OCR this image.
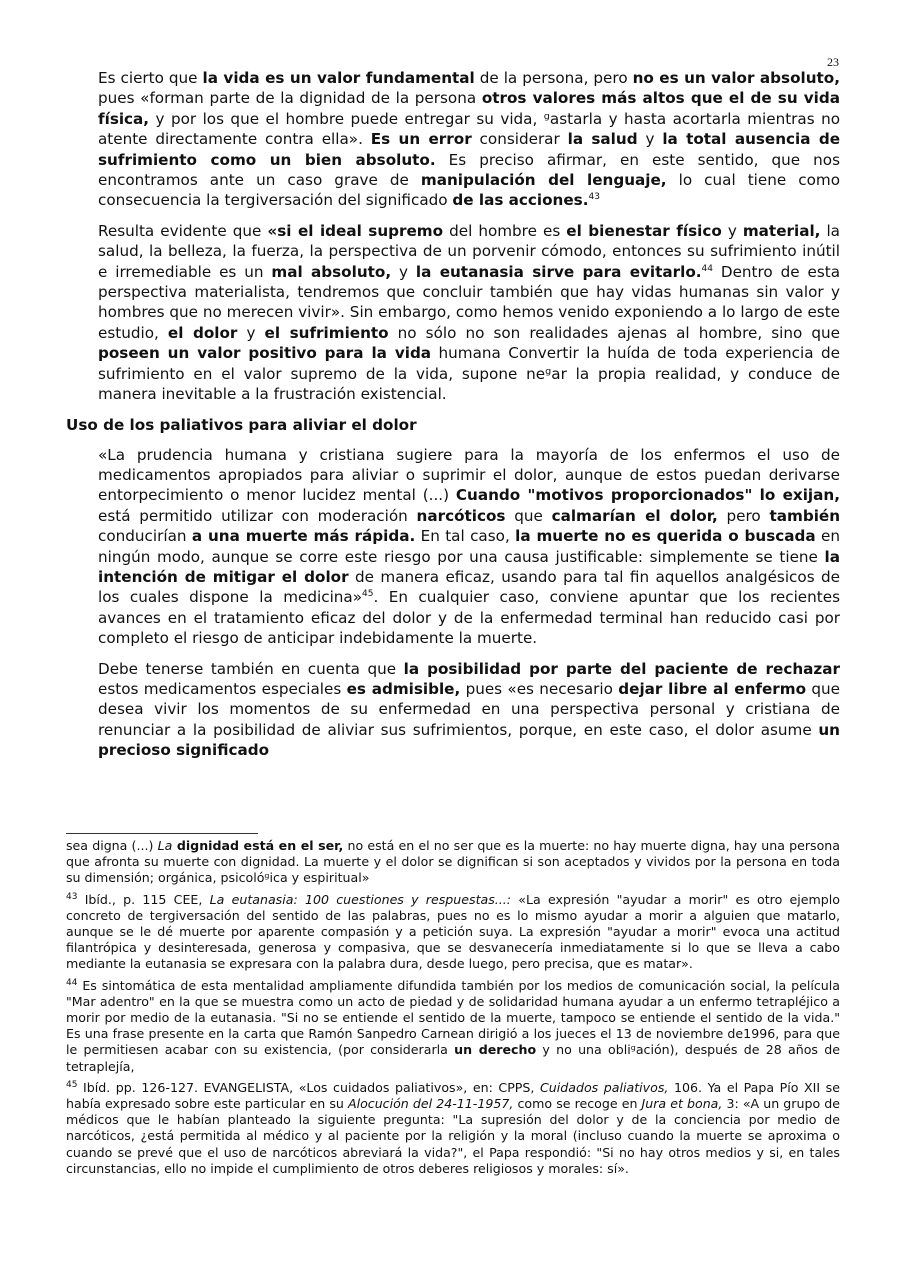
23

Es cierto que la vida es un valor fundamental de la persona, pero no es un valor absoluto, pues «forman parte de la dignidad de la persona otros valores más altos que el de su vida física, y por los que el hombre puede entregar su vida, ᵍastarla y hasta acortarla mientras no atente directamente contra ella». Es un error considerar la salud y la total ausencia de sufrimiento como un bien absoluto. Es preciso afirmar, en este sentido, que nos encontramos ante un caso grave de manipulación del lenguaje, lo cual tiene como consecuencia la tergiversación del significado de las acciones.$^{43}$

Resulta evidente que «si el ideal supremo del hombre es el bienestar físico y material, la salud, la belleza, la fuerza, la perspectiva de un porvenir cómodo, entonces su sufrimiento inútil e irremediable es un mal absoluto, y la eutanasia sirve para evitarlo.$^{44}$ Dentro de esta perspectiva materialista, tendremos que concluir también que hay vidas humanas sin valor y hombres que no merecen vivir». Sin embargo, como hemos venido exponiendo a lo largo de este estudio, el dolor y el sufrimiento no sólo no son realidades ajenas al hombre, sino que poseen un valor positivo para la vida humana Convertir la huída de toda experiencia de sufrimiento en el valor supremo de la vida, supone neᵍar la propia realidad, y conduce de manera inevitable a la frustración existencial.

Uso de los paliativos para aliviar el dolor

«La prudencia humana y cristiana sugiere para la mayoría de los enfermos el uso de medicamentos apropiados para aliviar o suprimir el dolor, aunque de estos puedan derivarse entorpecimiento o menor lucidez mental (...) Cuando "motivos proporcionados" lo exijan, está permitido utilizar con moderación narcóticos que calmarían el dolor, pero también conducirían a una muerte más rápida. En tal caso, la muerte no es querida o buscada en ningún modo, aunque se corre este riesgo por una causa justificable: simplemente se tiene la intención de mitigar el dolor de manera eficaz, usando para tal fin aquellos analgésicos de los cuales dispone la medicina»$^{45}$. En cualquier caso, conviene apuntar que los recientes avances en el tratamiento eficaz del dolor y de la enfermedad terminal han reducido casi por completo el riesgo de anticipar indebidamente la muerte.

Debe tenerse también en cuenta que la posibilidad por parte del paciente de rechazar estos medicamentos especiales es admisible, pues «es necesario dejar libre al enfermo que desea vivir los momentos de su enfermedad en una perspectiva personal y cristiana de renunciar a la posibilidad de aliviar sus sufrimientos, porque, en este caso, el dolor asume un precioso significado

sea digna (...) La dignidad está en el ser, no está en el no ser que es la muerte: no hay muerte digna, hay una persona que afronta su muerte con dignidad. La muerte y el dolor se dignifican si son aceptados y vividos por la persona en toda su dimensión; orgánica, psicolóᵍica y espiritual»

$^{43}$ Ibíd., p. 115 CEE, La eutanasia: 100 cuestiones y respuestas...: «La expresión "ayudar a morir" es otro ejemplo concreto de tergiversación del sentido de las palabras, pues no es lo mismo ayudar a morir a alguien que matarlo, aunque se le dé muerte por aparente compasión y a petición suya. La expresión "ayudar a morir" evoca una actitud filantrópica y desinteresada, generosa y compasiva, que se desvanecería inmediatamente si lo que se lleva a cabo mediante la eutanasia se expresara con la palabra dura, desde luego, pero precisa, que es matar».

$^{44}$ Es sintomática de esta mentalidad ampliamente difundida también por los medios de comunicación social, la película "Mar adentro" en la que se muestra como un acto de piedad y de solidaridad humana ayudar a un enfermo tetrapléjico a morir por medio de la eutanasia. "Si no se entiende el sentido de la muerte, tampoco se entiende el sentido de la vida." Es una frase presente en la carta que Ramón Sanpedro Carnean dirigió a los jueces el 13 de noviembre de1996, para que le permitiesen acabar con su existencia, (por considerarla un derecho y no una obliᵍación), después de 28 años de tetraplejía,

$^{45}$ Ibíd. pp. 126-127. EVANGELISTA, «Los cuidados paliativos», en: CPPS, Cuidados paliativos, 106. Ya el Papa Pío XII se había expresado sobre este particular en su Alocución del 24-11-1957, como se recoge en Jura et bona, 3: «A un grupo de médicos que le habían planteado la siguiente pregunta: "La supresión del dolor y de la conciencia por medio de narcóticos, ¿está permitida al médico y al paciente por la religión y la moral (incluso cuando la muerte se aproxima o cuando se prevé que el uso de narcóticos abreviará la vida?", el Papa respondió: "Si no hay otros medios y si, en tales circunstancias, ello no impide el cumplimiento de otros deberes religiosos y morales: sí».
